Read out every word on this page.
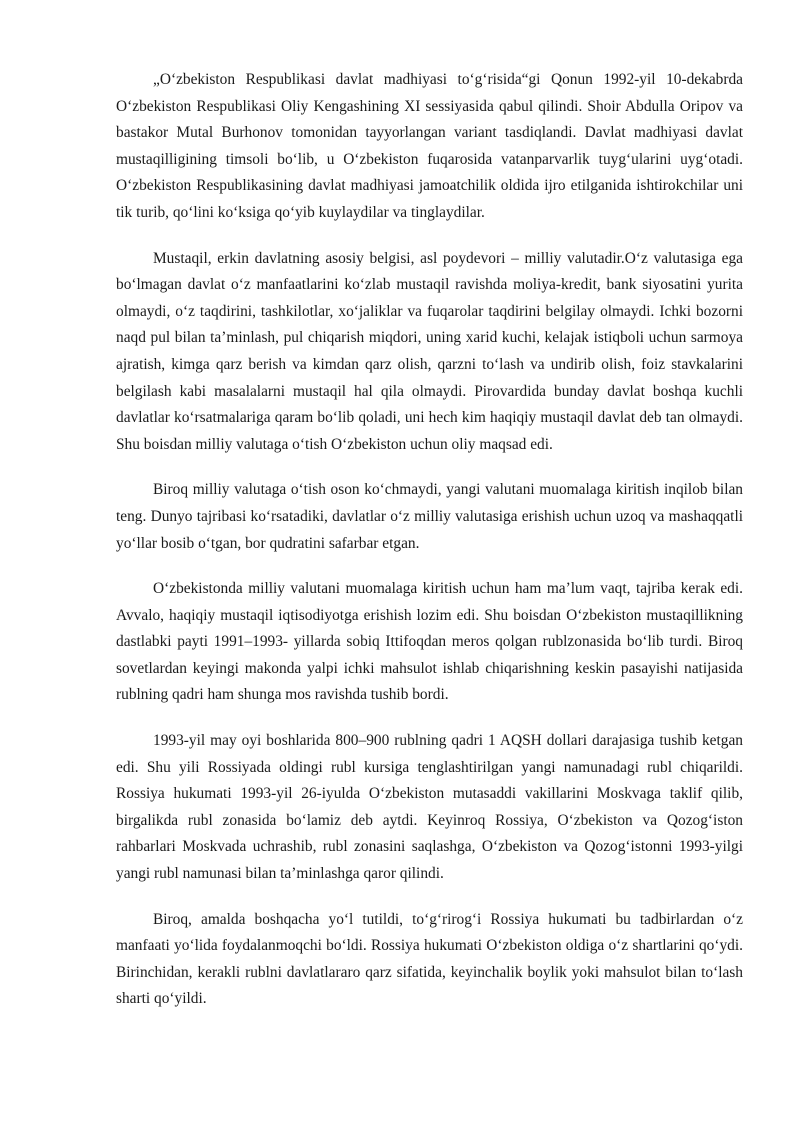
„O‘zbekiston Respublikasi davlat madhiyasi to‘g‘risida“gi Qonun 1992-yil 10-dekabrda O‘zbekiston Respublikasi Oliy Kengashining XI sessiyasida qabul qilindi. Shoir Abdulla Oripov va bastakor Mutal Burhonov tomonidan tayyorlangan variant tasdiqlandi. Davlat madhiyasi davlat mustaqilligining timsoli bo‘lib, u O‘zbekiston fuqarosida vatanparvarlik tuyg‘ularini uyg‘otadi. O‘zbekiston Respublikasining davlat madhiyasi jamoatchilik oldida ijro etilganida ishtirokchilar uni tik turib, qo‘lini ko‘ksiga qo‘yib kuylaydilar va tinglaydilar.

Mustaqil, erkin davlatning asosiy belgisi, asl poydevori – milliy valutadir.O‘z valutasiga ega bo‘lmagan davlat o‘z manfaatlarini ko‘zlab mustaqil ravishda moliya-kredit, bank siyosatini yurita olmaydi, o‘z taqdirini, tashkilotlar, xo‘jaliklar va fuqarolar taqdirini belgilay olmaydi. Ichki bozorni naqd pul bilan ta’minlash, pul chiqarish miqdori, uning xarid kuchi, kelajak istiqboli uchun sarmoya ajratish, kimga qarz berish va kimdan qarz olish, qarzni to‘lash va undirib olish, foiz stavkalarini belgilash kabi masalalarni mustaqil hal qila olmaydi. Pirovardida bunday davlat boshqa kuchli davlatlar ko‘rsatmalariga qaram bo‘lib qoladi, uni hech kim haqiqiy mustaqil davlat deb tan olmaydi. Shu boisdan milliy valutaga o‘tish O‘zbekiston uchun oliy maqsad edi.

Biroq milliy valutaga o‘tish oson ko‘chmaydi, yangi valutani muomalaga kiritish inqilob bilan teng. Dunyo tajribasi ko‘rsatadiki, davlatlar o‘z milliy valutasiga erishish uchun uzoq va mashaqqatli yo‘llar bosib o‘tgan, bor qudratini safarbar etgan.

O‘zbekistonda milliy valutani muomalaga kiritish uchun ham ma’lum vaqt, tajriba kerak edi. Avvalo, haqiqiy mustaqil iqtisodiyotga erishish lozim edi. Shu boisdan O‘zbekiston mustaqillikning dastlabki payti 1991–1993- yillarda sobiq Ittifoqdan meros qolgan rublzonasida bo‘lib turdi. Biroq sovetlardan keyingi makonda yalpi ichki mahsulot ishlab chiqarishning keskin pasayishi natijasida rublning qadri ham shunga mos ravishda tushib bordi.

1993-yil may oyi boshlarida 800–900 rublning qadri 1 AQSH dollari darajasiga tushib ketgan edi. Shu yili Rossiyada oldingi rubl kursiga tenglashtirilgan yangi namunadagi rubl chiqarildi. Rossiya hukumati 1993-yil 26-iyulda O‘zbekiston mutasaddi vakillarini Moskvaga taklif qilib, birgalikda rubl zonasida bo‘lamiz deb aytdi. Keyinroq Rossiya, O‘zbekiston va Qozog‘iston rahbarlari Moskvada uchrashib, rubl zonasini saqlashga, O‘zbekiston va Qozog‘istonni 1993-yilgi yangi rubl namunasi bilan ta’minlashga qaror qilindi.

Biroq, amalda boshqacha yo‘l tutildi, to‘g‘rirog‘i Rossiya hukumati bu tadbirlardan o‘z manfaati yo‘lida foydalanmoqchi bo‘ldi. Rossiya hukumati O‘zbekiston oldiga o‘z shartlarini qo‘ydi. Birinchidan, kerakli rublni davlatlararo qarz sifatida, keyinchalik boylik yoki mahsulot bilan to‘lash sharti qo‘yildi.
